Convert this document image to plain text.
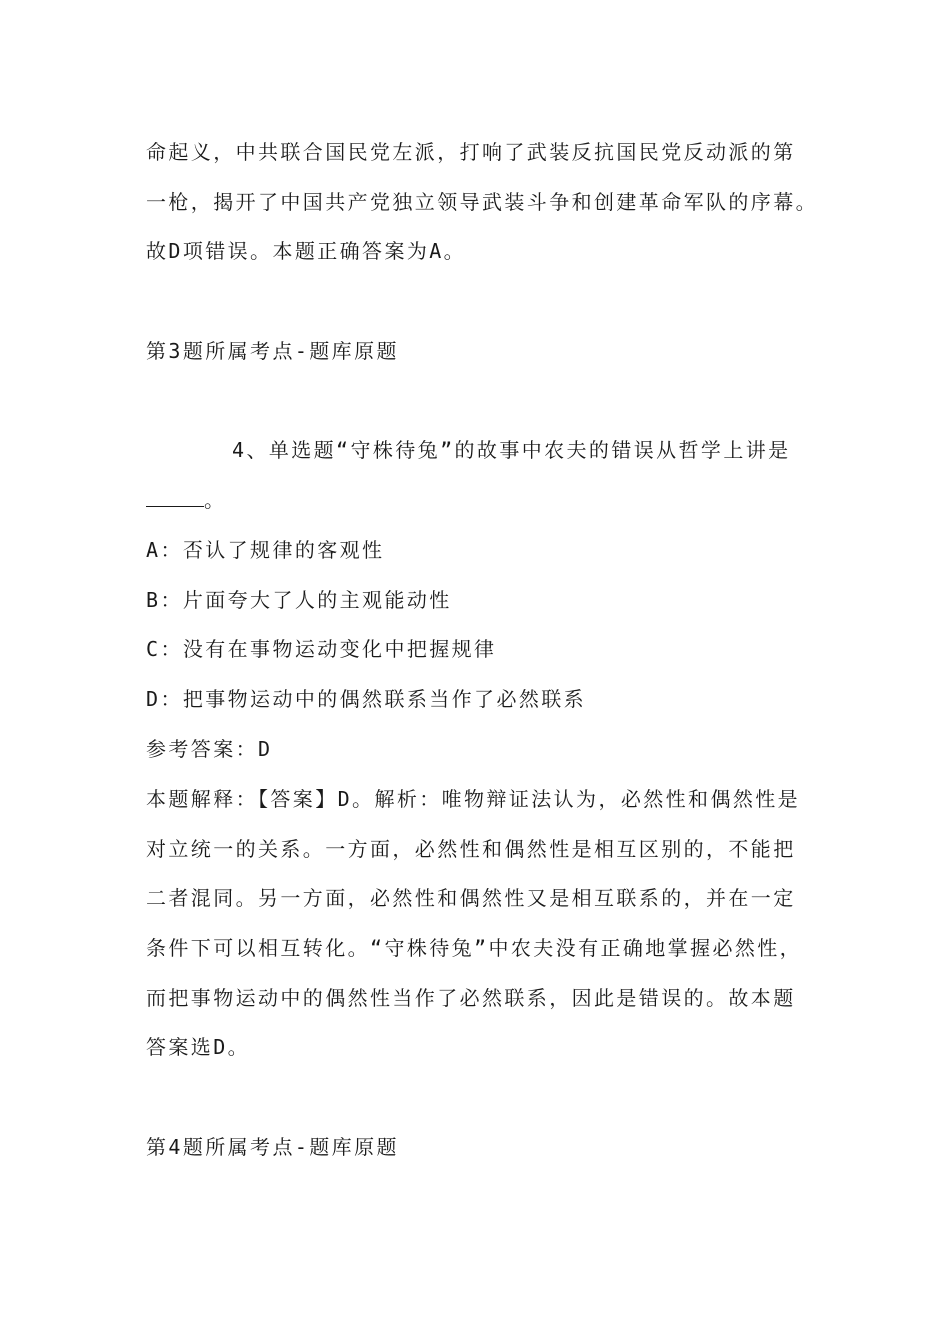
命起义，中共联合国民党左派，打响了武装反抗国民党反动派的第
一枪，揭开了中国共产党独立领导武装斗争和创建革命军队的序幕。
故D项错误。本题正确答案为A。
第3题所属考点-题库原题
4、单选题“守株待兔”的故事中农夫的错误从哲学上讲是
。
A：否认了规律的客观性
B：片面夸大了人的主观能动性
C：没有在事物运动变化中把握规律
D：把事物运动中的偶然联系当作了必然联系
参考答案：D
本题解释：【答案】D。解析：唯物辩证法认为，必然性和偶然性是
对立统一的关系。一方面，必然性和偶然性是相互区别的，不能把
二者混同。另一方面，必然性和偶然性又是相互联系的，并在一定
条件下可以相互转化。“守株待兔”中农夫没有正确地掌握必然性，
而把事物运动中的偶然性当作了必然联系，因此是错误的。故本题
答案选D。
第4题所属考点-题库原题
